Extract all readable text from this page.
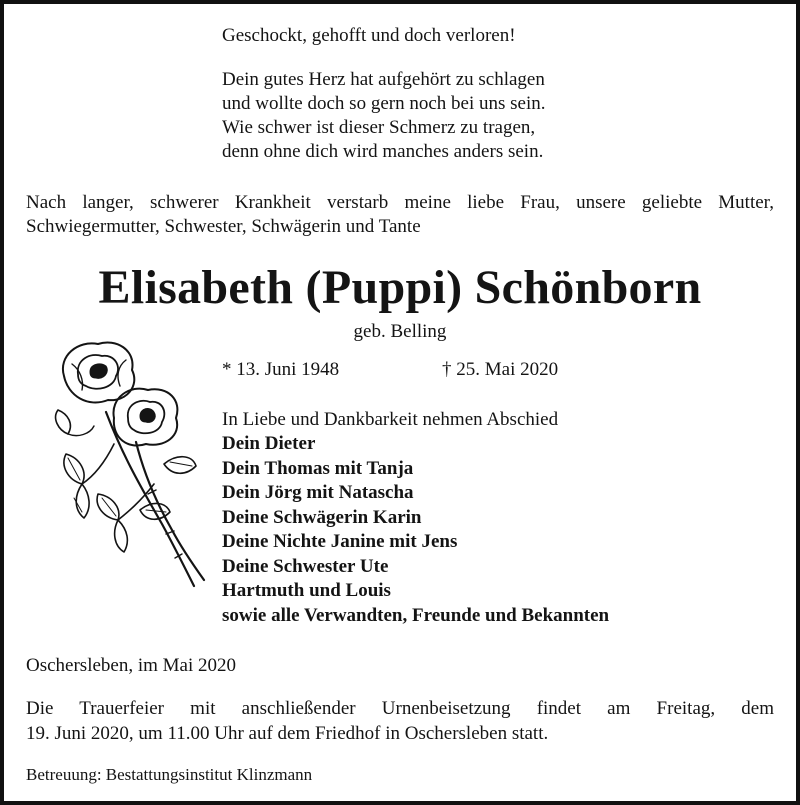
Geschockt, gehofft und doch verloren!
Dein gutes Herz hat aufgehört zu schlagen
und wollte doch so gern noch bei uns sein.
Wie schwer ist dieser Schmerz zu tragen,
denn ohne dich wird manches anders sein.
Nach langer, schwerer Krankheit verstarb meine liebe Frau, unsere geliebte Mutter,
Schwiegermutter, Schwester, Schwägerin und Tante
Elisabeth (Puppi) Schönborn
geb. Belling
* 13. Juni 1948	† 25. Mai 2020
In Liebe und Dankbarkeit nehmen Abschied
Dein Dieter
Dein Thomas mit Tanja
Dein Jörg mit Natascha
Deine Schwägerin Karin
Deine Nichte Janine mit Jens
Deine Schwester Ute
Hartmuth und Louis
sowie alle Verwandten, Freunde und Bekannten
Oschersleben, im Mai 2020
Die Trauerfeier mit anschließender Urnenbeisetzung findet am Freitag, dem
19. Juni 2020, um 11.00 Uhr auf dem Friedhof in Oschersleben statt.
Betreuung: Bestattungsinstitut Klinzmann
